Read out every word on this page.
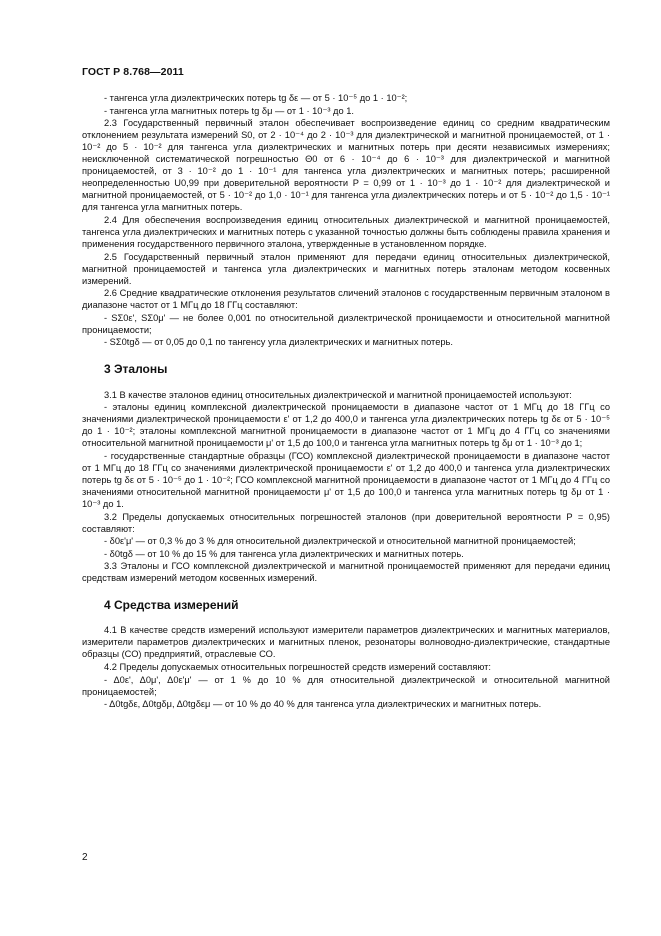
ГОСТ Р 8.768—2011

- тангенса угла диэлектрических потерь tg δε — от 5 · 10⁻⁵ до 1 · 10⁻²;

- тангенса угла магнитных потерь tg δμ — от 1 · 10⁻³ до 1.

2.3 Государственный первичный эталон обеспечивает воспроизведение единиц со средним квадратическим отклонением результата измерений S0, от 2 · 10⁻⁴ до 2 · 10⁻³ для диэлектрической и магнитной проницаемостей, от 1 · 10⁻² до 5 · 10⁻² для тангенса угла диэлектрических и магнитных потерь при десяти независимых измерениях; неисключенной систематической погрешностью Θ0 от 6 · 10⁻⁴ до 6 · 10⁻³ для диэлектрической и магнитной проницаемостей, от 3 · 10⁻² до 1 · 10⁻¹ для тангенса угла диэлектрических и магнитных потерь; расширенной неопределенностью U0,99 при доверительной вероятности P = 0,99 от 1 · 10⁻³ до 1 · 10⁻² для диэлектрической и магнитной проницаемостей, от 5 · 10⁻² до 1,0 · 10⁻¹ для тангенса угла диэлектрических потерь и от 5 · 10⁻² до 1,5 · 10⁻¹ для тангенса угла магнитных потерь.

2.4 Для обеспечения воспроизведения единиц относительных диэлектрической и магнитной проницаемостей, тангенса угла диэлектрических и магнитных потерь с указанной точностью должны быть соблюдены правила хранения и применения государственного первичного эталона, утвержденные в установленном порядке.

2.5 Государственный первичный эталон применяют для передачи единиц относительных диэлектрической, магнитной проницаемостей и тангенса угла диэлектрических и магнитных потерь эталонам методом косвенных измерений.

2.6 Средние квадратические отклонения результатов сличений эталонов с государственным первичным эталоном в диапазоне частот от 1 МГц до 18 ГГц составляют:

- SΣ0ε', SΣ0μ' — не более 0,001 по относительной диэлектрической проницаемости и относительной магнитной проницаемости;

- SΣ0tgδ — от 0,05 до 0,1 по тангенсу угла диэлектрических и магнитных потерь.

3 Эталоны

3.1 В качестве эталонов единиц относительных диэлектрической и магнитной проницаемостей используют:

- эталоны единиц комплексной диэлектрической проницаемости в диапазоне частот от 1 МГц до 18 ГГц со значениями диэлектрической проницаемости ε' от 1,2 до 400,0 и тангенса угла диэлектрических потерь tg δε от 5 · 10⁻⁵ до 1 · 10⁻²; эталоны комплексной магнитной проницаемости в диапазоне частот от 1 МГц до 4 ГГц со значениями относительной магнитной проницаемости μ' от 1,5 до 100,0 и тангенса угла магнитных потерь tg δμ от 1 · 10⁻³ до 1;

- государственные стандартные образцы (ГСО) комплексной диэлектрической проницаемости в диапазоне частот от 1 МГц до 18 ГГц со значениями диэлектрической проницаемости ε' от 1,2 до 400,0 и тангенса угла диэлектрических потерь tg δε от 5 · 10⁻⁵ до 1 · 10⁻²; ГСО комплексной магнитной проницаемости в диапазоне частот от 1 МГц до 4 ГГц со значениями относительной магнитной проницаемости μ' от 1,5 до 100,0 и тангенса угла магнитных потерь tg δμ от 1 · 10⁻³ до 1.

3.2 Пределы допускаемых относительных погрешностей эталонов (при доверительной вероятности P = 0,95) составляют:

- δ0ε'μ' — от 0,3 % до 3 % для относительной диэлектрической и относительной магнитной проницаемостей;

- δ0tgδ — от 10 % до 15 % для тангенса угла диэлектрических и магнитных потерь.

3.3 Эталоны и ГСО комплексной диэлектрической и магнитной проницаемостей применяют для передачи единиц средствам измерений методом косвенных измерений.

4 Средства измерений

4.1 В качестве средств измерений используют измерители параметров диэлектрических и магнитных материалов, измерители параметров диэлектрических и магнитных пленок, резонаторы волноводно-диэлектрические, стандартные образцы (СО) предприятий, отраслевые СО.

4.2 Пределы допускаемых относительных погрешностей средств измерений составляют:

- Δ0ε', Δ0μ', Δ0ε'μ' — от 1 % до 10 % для относительной диэлектрической и относительной магнитной проницаемостей;

- Δ0tgδε, Δ0tgδμ, Δ0tgδεμ — от 10 % до 40 % для тангенса угла диэлектрических и магнитных потерь.

2
